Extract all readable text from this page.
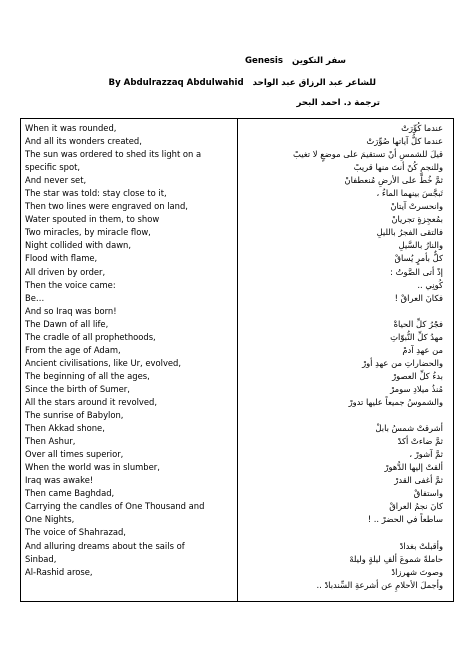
Genesis سفر التكوين
By Abdulrazzaq Abdulwahid للشاعر عبد الرزاق عبد الواحد
ترجمة د. احمد البحر
When it was rounded,
And all its wonders created,
The sun was ordered to shed its light on a
specific spot,
And never set,
The star was told: stay close to it,
Then two lines were engraved on land,
Water spouted in them, to show
Two miracles, by miracle flow,
Night collided with dawn,
Flood with flame,
All driven by order,
Then the voice came:
Be…
And so Iraq was born!
The Dawn of all life,
The cradle of all prophethoods,
From the age of Adam,
Ancient civilisations, like Ur, evolved,
The beginning of all the ages,
Since the birth of Sumer,
All the stars around it revolved,
The sunrise of Babylon,
Then Akkad shone,
Then Ashur,
Over all times superior,
When the world was in slumber,
Iraq was awake!
Then came Baghdad,
Carrying the candles of One Thousand and
One Nights,
The voice of Shahrazad,
And alluring dreams about the sails of
Sinbad,
Al-Rashid arose,
عندما كُوِّرَتْ
عندما كلُّ آياتها صُوِّرَتْ
قيلَ للشمسِ أنْ تستقيمَ على موضعٍ لا تغيبْ
وللنجمِ كُنْ أنتَ منها قريبْ
ثمَّ خُطَّ على الأرضِ مُنعطفانْ
تَبجَّسَ بينهما الماءُ ،
وانحسرتْ آيتانْ
بمُعجِزةٍ تجريانْ
فالتقى الفجرُ بالليلِ
والنارُ بالسَّيلِ
كلٌّ بأمرٍ يُساقْ
إذْ أتى الصَّوتُ :
كُونِي ..
فكانَ العراقْ !
فجْرُ كلِّ الحياةْ
مهدُ كلِّ النُّبوّاتِ
من عهدِ آدمْ
والحضاراتِ من عهدِ أورْ
بدءُ كلِّ العصورْ
مُنذُ ميلادِ سومرْ
والشموسُ جميعاً عليها تدورْ
أشرقتْ شمسُ بابلْ
ثمَّ ضاءتْ أكدْ
ثمَّ آشورْ ،
ألقتْ إليها الدُّهورْ
ثمَّ أغفى القدرْ
واستفاقْ
كانَ نجمُ العراقْ
ساطعاً في الحضرْ .. !
وأقبلتْ بغدادْ
حاملةً شموعَ ألفِ ليلةٍ وليلهْ
وصوتَ شهرزادْ
وأجملَ الأحلامِ عن أشرعةِ السِّندبادْ ..
